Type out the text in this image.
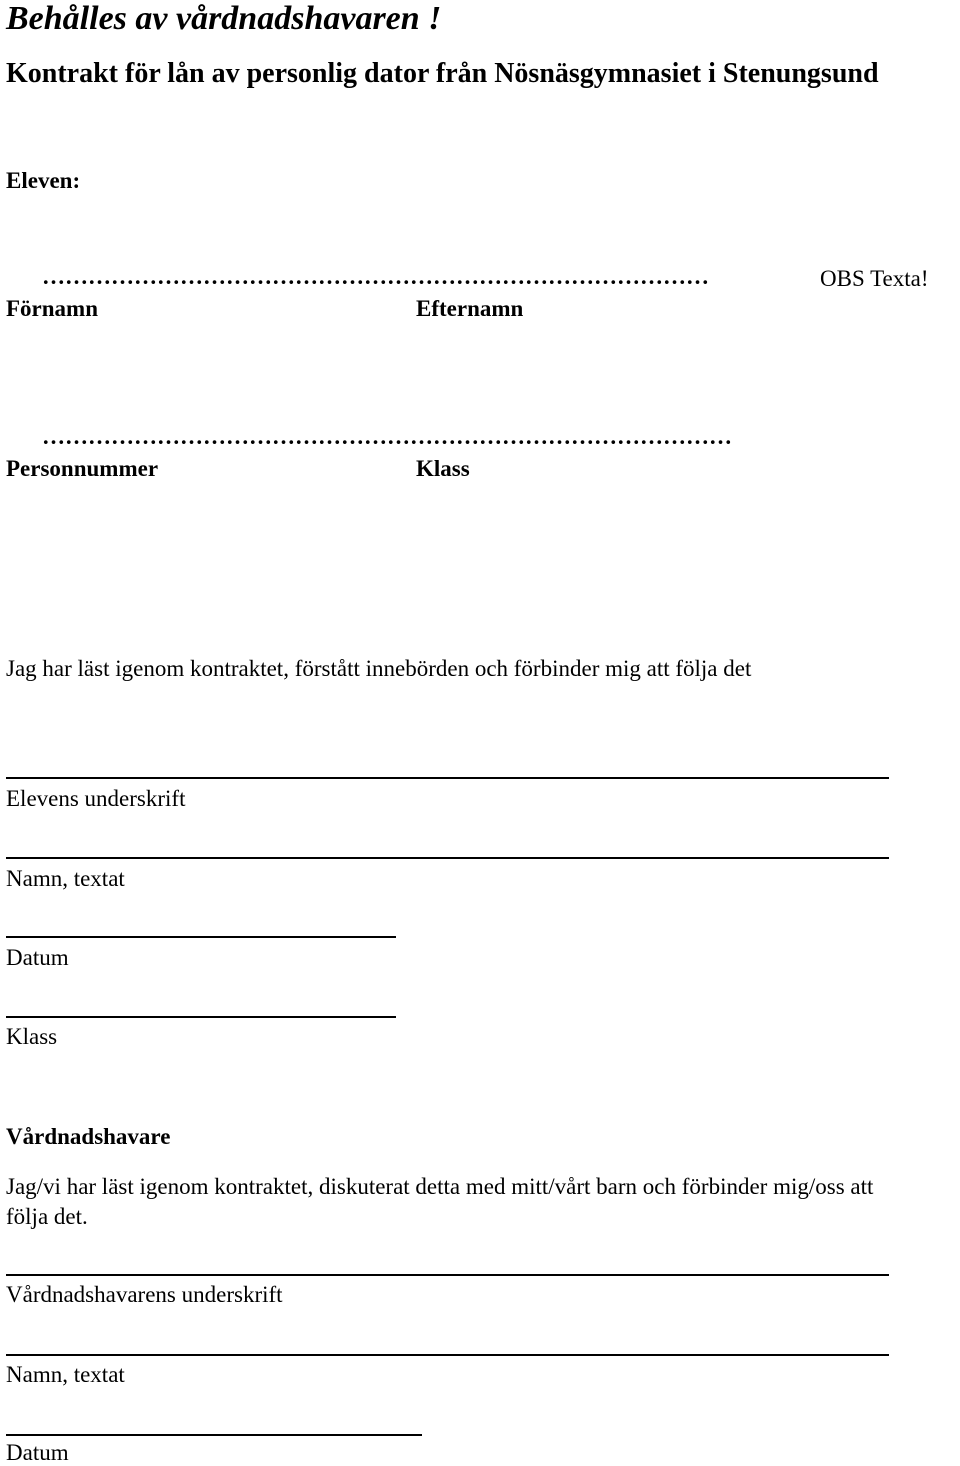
Behålles av vårdnadshavaren !
Kontrakt för lån av personlig dator från Nösnäsgymnasiet i Stenungsund
Eleven:
……………………………………………………………………………	OBS Texta!
Förnamn	Efternamn
………………………………………………………………………………
Personnummer	Klass
Jag har läst igenom kontraktet, förstått innebörden och förbinder mig att följa det
Elevens underskrift
Namn, textat
Datum
Klass
Vårdnadshavare
Jag/vi har läst igenom kontraktet, diskuterat detta med mitt/vårt barn och förbinder mig/oss att
följa det.
Vårdnadshavarens underskrift
Namn, textat
Datum
